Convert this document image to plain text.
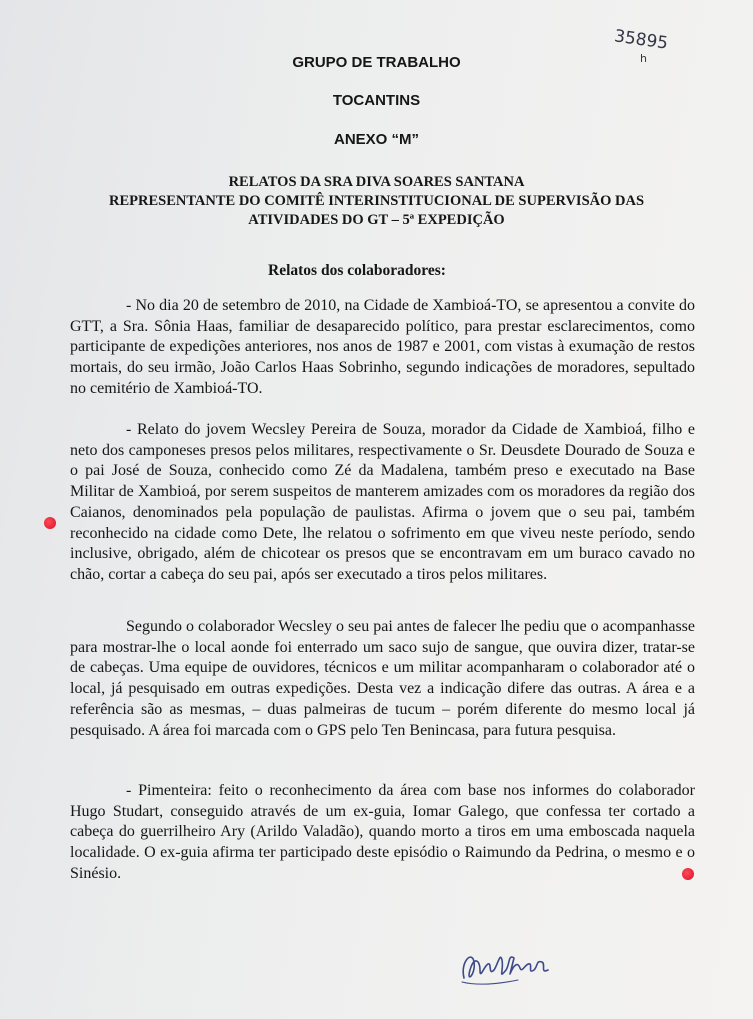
35895
h
GRUPO DE TRABALHO
TOCANTINS
ANEXO “M”
RELATOS DA SRA DIVA SOARES SANTANA
REPRESENTANTE DO COMITÊ INTERINSTITUCIONAL DE SUPERVISÃO DAS
ATIVIDADES DO GT – 5ª EXPEDIÇÃO
Relatos dos colaboradores:

- No dia 20 de setembro de 2010, na Cidade de Xambioá-TO, se apresentou a convite do GTT, a Sra. Sônia Haas, familiar de desaparecido político, para prestar esclarecimentos, como participante de expedições anteriores, nos anos de 1987 e 2001, com vistas à exumação de restos mortais, do seu irmão, João Carlos Haas Sobrinho, segundo indicações de moradores, sepultado no cemitério de Xambioá-TO.

- Relato do jovem Wecsley Pereira de Souza, morador da Cidade de Xambioá, filho e neto dos camponeses presos pelos militares, respectivamente o Sr. Deusdete Dourado de Souza e o pai José de Souza, conhecido como Zé da Madalena, também preso e executado na Base Militar de Xambioá, por serem suspeitos de manterem amizades com os moradores da região dos Caianos, denominados pela população de paulistas. Afirma o jovem que o seu pai, também reconhecido na cidade como Dete, lhe relatou o sofrimento em que viveu neste período, sendo inclusive, obrigado, além de chicotear os presos que se encontravam em um buraco cavado no chão, cortar a cabeça do seu pai, após ser executado a tiros pelos militares.

Segundo o colaborador Wecsley o seu pai antes de falecer lhe pediu que o acompanhasse para mostrar-lhe o local aonde foi enterrado um saco sujo de sangue, que ouvira dizer, tratar-se de cabeças. Uma equipe de ouvidores, técnicos e um militar acompanharam o colaborador até o local, já pesquisado em outras expedições. Desta vez a indicação difere das outras. A área e a referência são as mesmas, – duas palmeiras de tucum – porém diferente do mesmo local já pesquisado. A área foi marcada com o GPS pelo Ten Benincasa, para futura pesquisa.

- Pimenteira: feito o reconhecimento da área com base nos informes do colaborador Hugo Studart, conseguido através de um ex-guia, Iomar Galego, que confessa ter cortado a cabeça do guerrilheiro Ary (Arildo Valadão), quando morto a tiros em uma emboscada naquela localidade. O ex-guia afirma ter participado deste episódio o Raimundo da Pedrina, o mesmo e o Sinésio.
